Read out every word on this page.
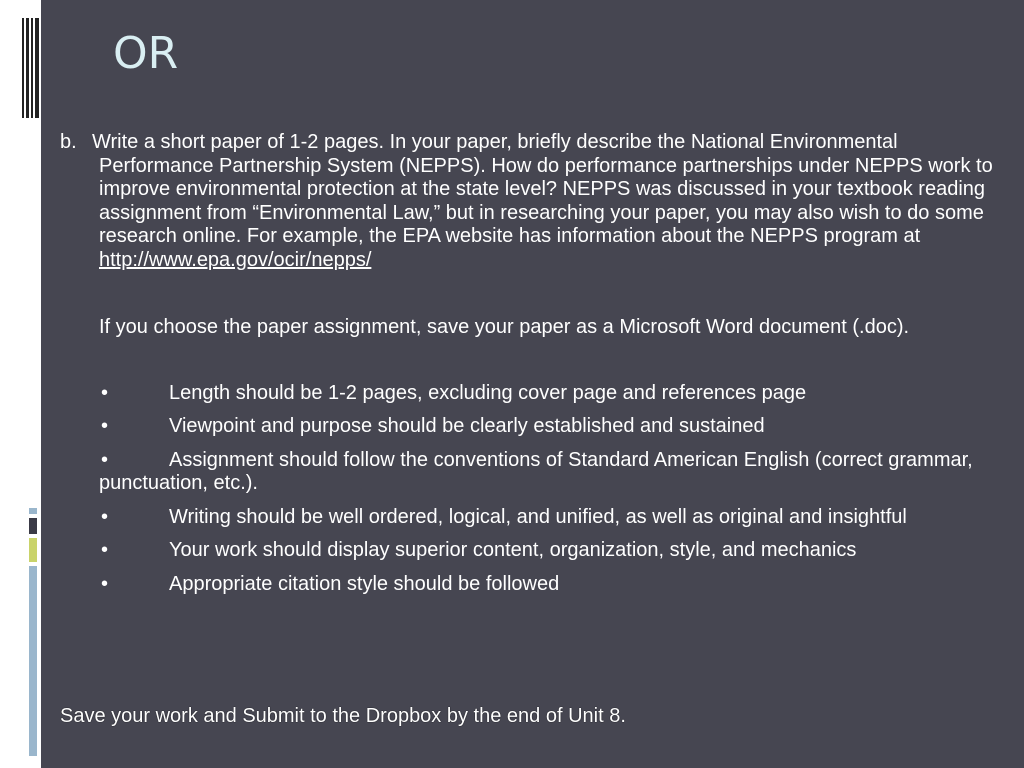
OR

b. Write a short paper of 1-2 pages. In your paper, briefly describe the National Environmental Performance Partnership System (NEPPS). How do performance partnerships under NEPPS work to improve environmental protection at the state level? NEPPS was discussed in your textbook reading assignment from “Environmental Law,” but in researching your paper, you may also wish to do some research online. For example, the EPA website has information about the NEPPS program at
http://www.epa.gov/ocir/nepps/

If you choose the paper assignment, save your paper as a Microsoft Word document (.doc).

•	Length should be 1-2 pages, excluding cover page and references page

•	Viewpoint and purpose should be clearly established and sustained

•	Assignment should follow the conventions of Standard American English (correct grammar, punctuation, etc.).

•	Writing should be well ordered, logical, and unified, as well as original and insightful

•	Your work should display superior content, organization, style, and mechanics

•	Appropriate citation style should be followed

Save your work and Submit to the Dropbox by the end of Unit 8.
